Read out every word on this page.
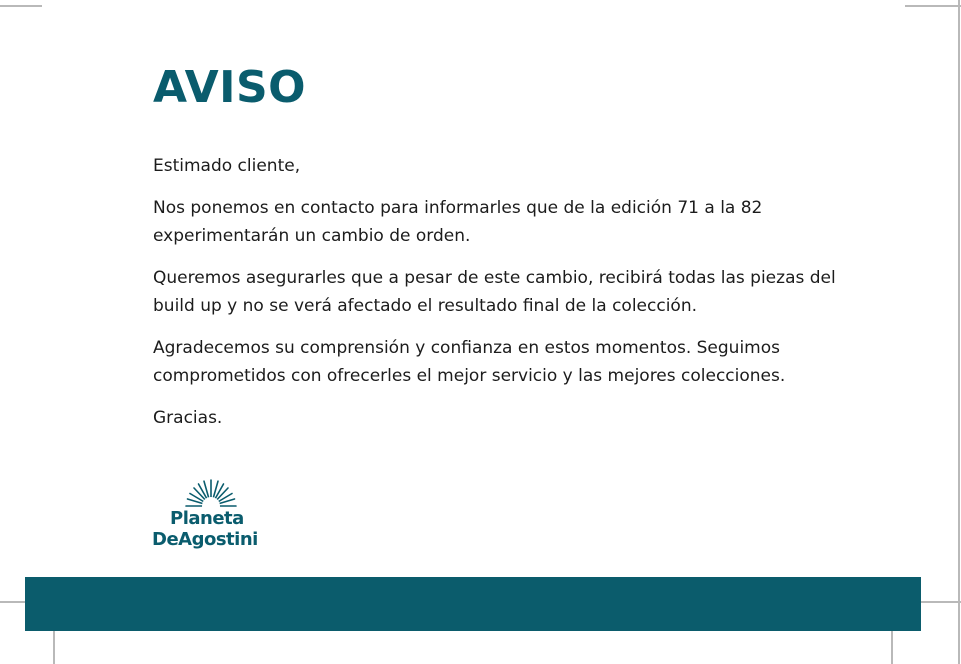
AVISO

Estimado cliente,

Nos ponemos en contacto para informarles que de la edición 71 a la 82 experimentarán un cambio de orden.

Queremos asegurarles que a pesar de este cambio, recibirá todas las piezas del build up y no se verá afectado el resultado final de la colección.

Agradecemos su comprensión y confianza en estos momentos. Seguimos comprometidos con ofrecerles el mejor servicio y las mejores colecciones.

Gracias.

Planeta
DeAgostini
